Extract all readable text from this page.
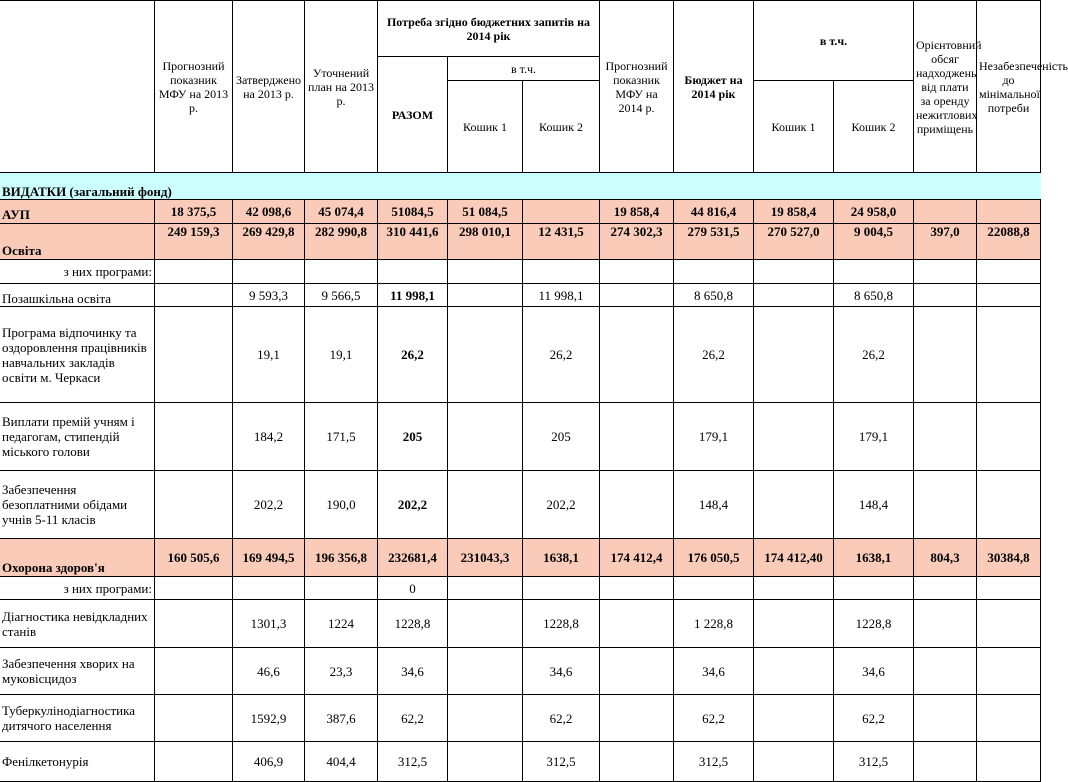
	Прогнозний показник МФУ на 2013 р.	Затверджено на 2013 р.	Уточнений план на 2013 р.	Потреба згідно бюджетних запитів на 2014 рік			Прогнозний показник МФУ на 2014 р.	Бюджет на 2014 рік	в т.ч.		Орієнтовний обсяг надходжень від плати за оренду нежитлових приміщень	Незабезпеченість до мінімальної потреби
				РАЗОМ	в т.ч.							
					Кошик 1	Кошик 2			Кошик 1	Кошик 2		
ВИДАТКИ (загальний фонд)												
АУП	18 375,5	42 098,6	45 074,4	51084,5	51 084,5		19 858,4	44 816,4	19 858,4	24 958,0		
Освіта	249 159,3	269 429,8	282 990,8	310 441,6	298 010,1	12 431,5	274 302,3	279 531,5	270 527,0	9 004,5	397,0	22088,8
з них програми:												
Позашкільна освіта		9 593,3	9 566,5	11 998,1		11 998,1		8 650,8		8 650,8		
Програма відпочинку та оздоровлення працівників навчальних закладів освіти м. Черкаси		19,1	19,1	26,2		26,2		26,2		26,2		
Виплати премій учням і педагогам, стипендій міського голови		184,2	171,5	205		205		179,1		179,1		
Забезпечення безоплатними обідами учнів 5-11 класів		202,2	190,0	202,2		202,2		148,4		148,4		
Охорона здоров'я	160 505,6	169 494,5	196 356,8	232681,4	231043,3	1638,1	174 412,4	176 050,5	174 412,40	1638,1	804,3	30384,8
з них програми:				0								
Діагностика невідкладних станів		1301,3	1224	1228,8		1228,8		1 228,8		1228,8		
Забезпечення хворих на муковісцидоз		46,6	23,3	34,6		34,6		34,6		34,6		
Туберкулінодіагностика дитячого населення		1592,9	387,6	62,2		62,2		62,2		62,2		
Фенілкетонурія		406,9	404,4	312,5		312,5		312,5		312,5		
